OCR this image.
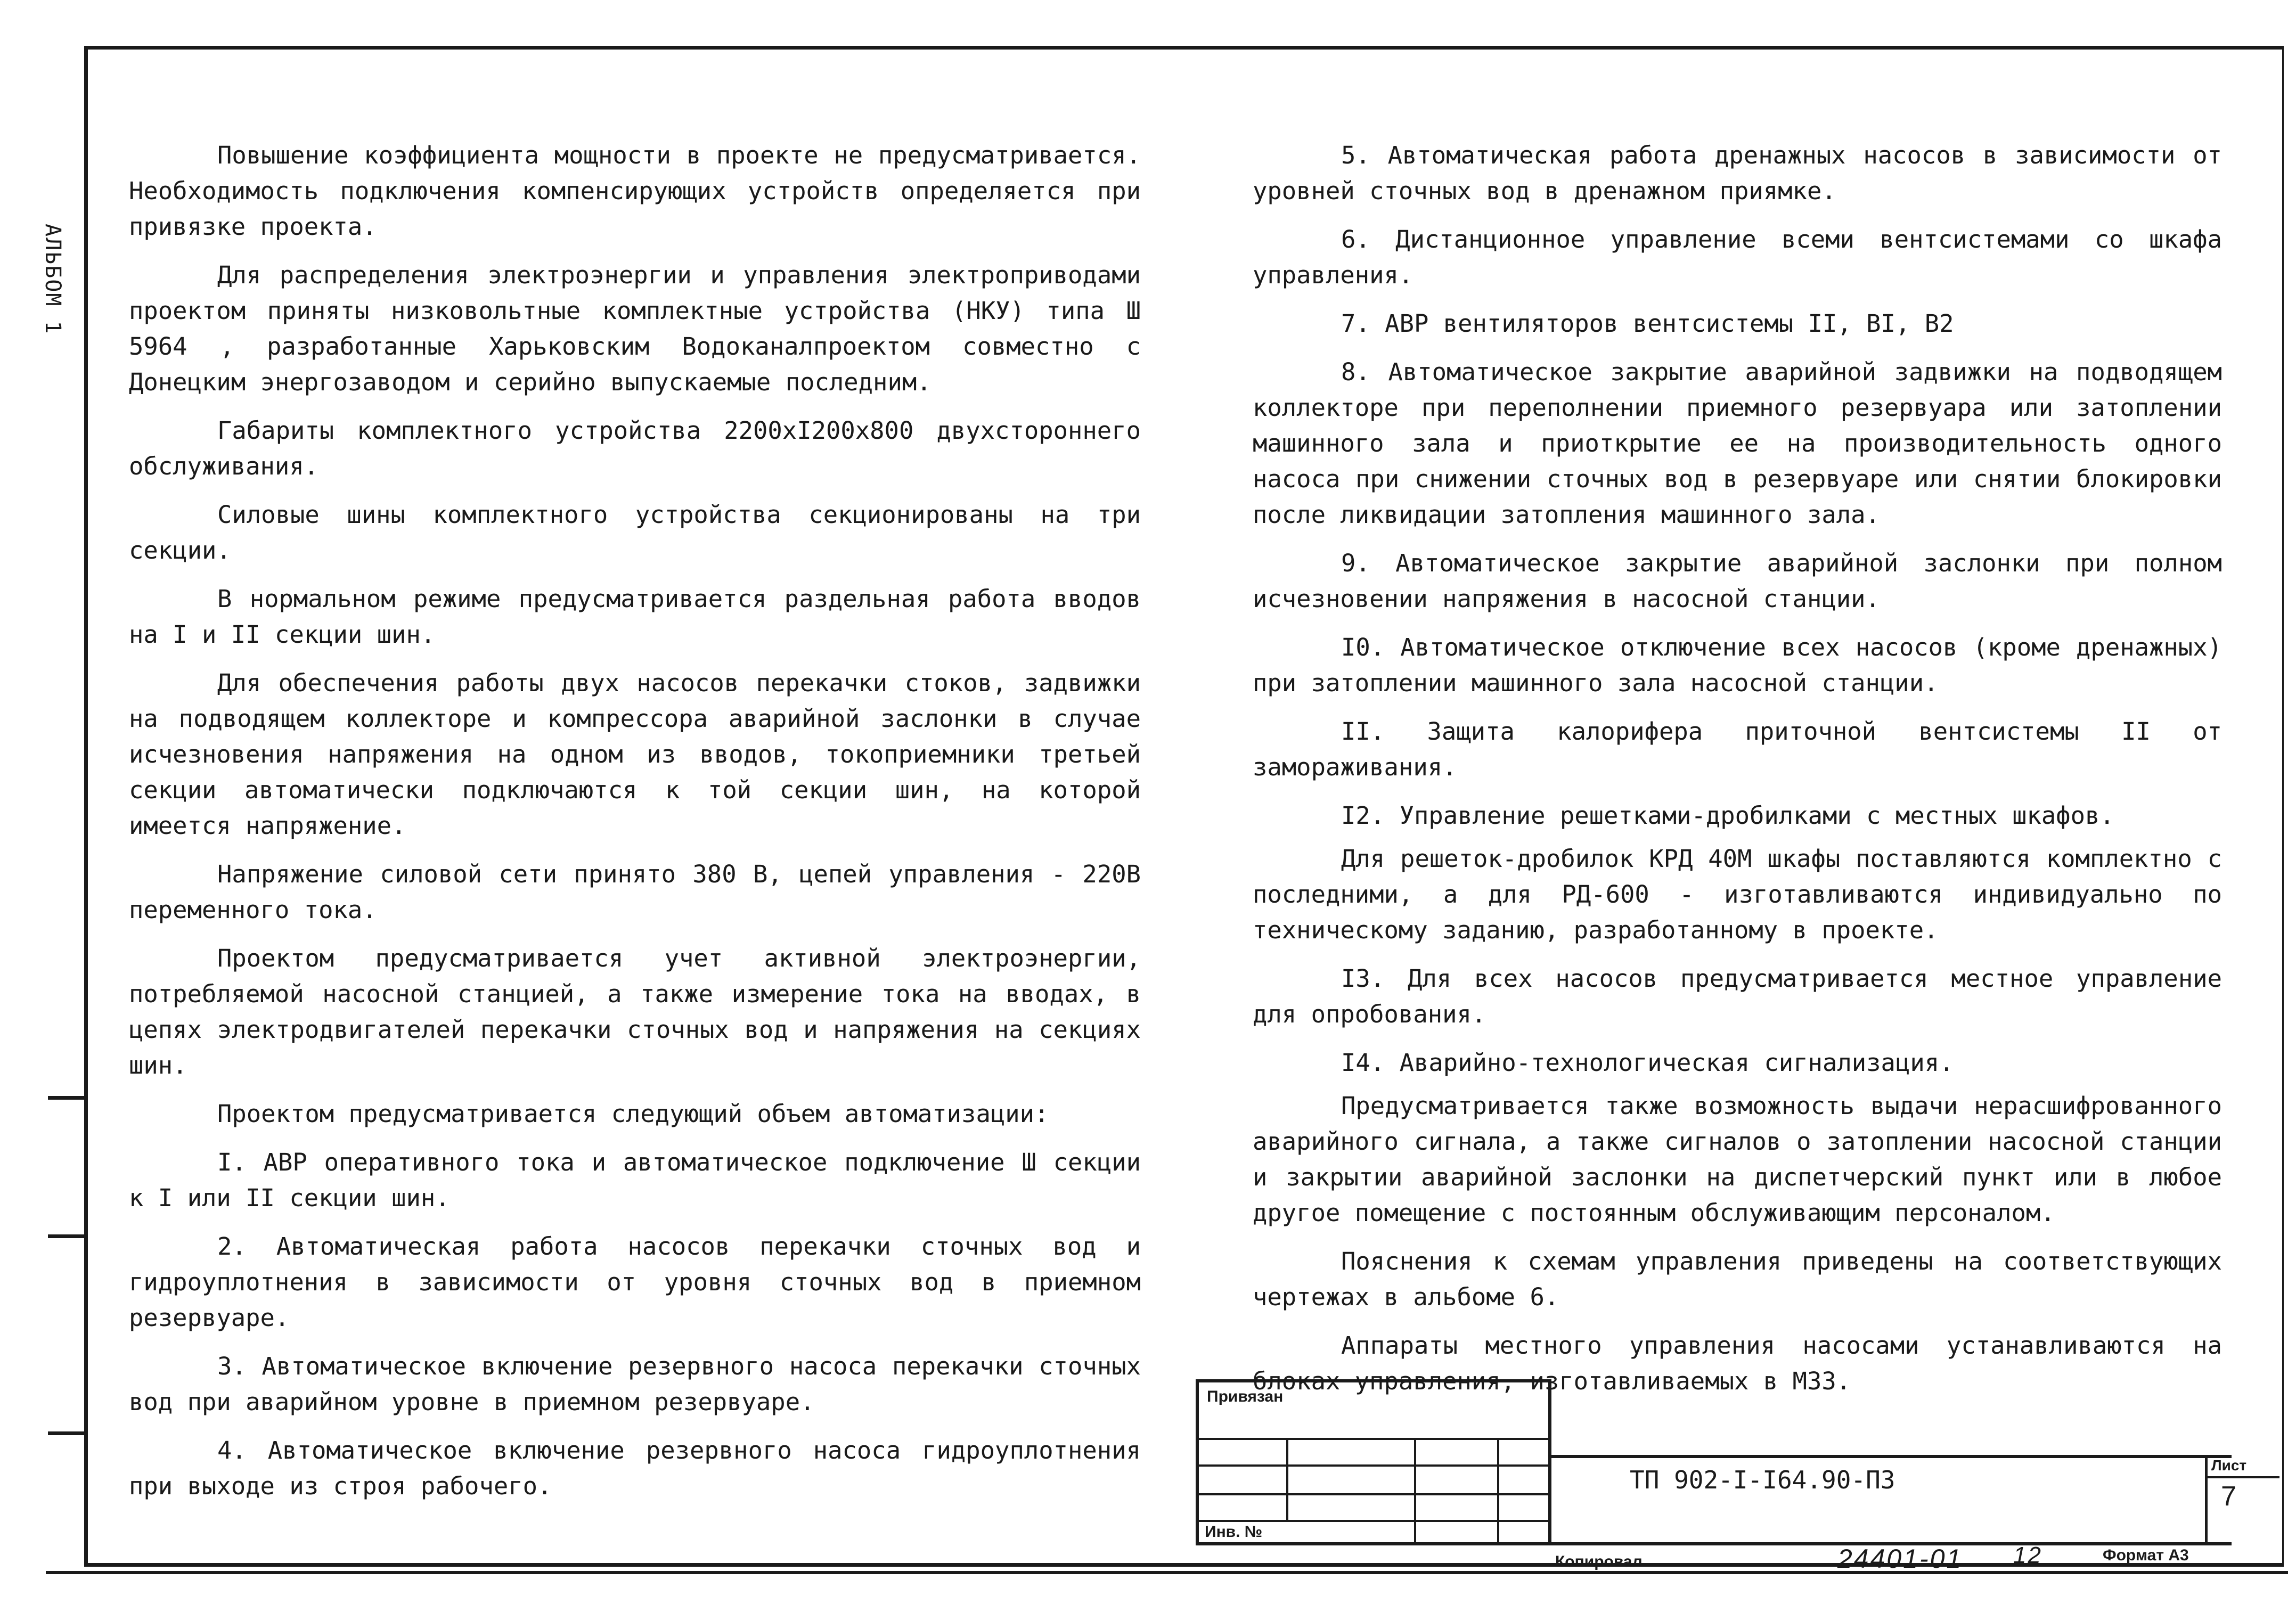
АЛЬБОМ 1

Повышение коэффициента мощности в проекте не предусматривается. Необходимость подключения компенсирующих устройств определяется при привязке проекта.

Для распределения электроэнергии и управления электроприводами проектом приняты низковольтные комплектные устройства (НКУ) типа Ш 5964 , разработанные Харьковским Водоканалпроектом совместно с Донецким энергозаводом и серийно выпускаемые последним.

Габариты комплектного устройства 2200хI200х800 двухстороннего обслуживания.

Силовые шины комплектного устройства секционированы на три секции.

В нормальном режиме предусматривается раздельная работа вводов на I и II секции шин.

Для обеспечения работы двух насосов перекачки стоков, задвижки на подводящем коллекторе и компрессора аварийной заслонки в случае исчезновения напряжения на одном из вводов, токоприемники третьей секции автоматически подключаются к той секции шин, на которой имеется напряжение.

Напряжение силовой сети принято 380 В, цепей управления - 220В переменного тока.

Проектом предусматривается учет активной электроэнергии, потребляемой насосной станцией, а также измерение тока на вводах, в цепях электродвигателей перекачки сточных вод и напряжения на секциях шин.

Проектом предусматривается следующий объем автоматизации:

I. АВР оперативного тока и автоматическое подключение Ш секции к I или II секции шин.

2. Автоматическая работа насосов перекачки сточных вод и гидроуплотнения в зависимости от уровня сточных вод в приемном резервуаре.

3. Автоматическое включение резервного насоса перекачки сточных вод при аварийном уровне в приемном резервуаре.

4. Автоматическое включение резервного насоса гидроуплотнения при выходе из строя рабочего.

5. Автоматическая работа дренажных насосов в зависимости от уровней сточных вод в дренажном приямке.

6. Дистанционное управление всеми вентсистемами со шкафа управления.

7. АВР вентиляторов вентсистемы II, BI, B2

8. Автоматическое закрытие аварийной задвижки на подводящем коллекторе при переполнении приемного резервуара или затоплении машинного зала и приоткрытие ее на производительность одного насоса при снижении сточных вод в резервуаре или снятии блокировки после ликвидации затопления машинного зала.

9. Автоматическое закрытие аварийной заслонки при полном исчезновении напряжения в насосной станции.

I0. Автоматическое отключение всех насосов (кроме дренажных) при затоплении машинного зала насосной станции.

II. Защита калорифера приточной вентсистемы II от замораживания.

I2. Управление решетками-дробилками с местных шкафов.

Для решеток-дробилок КРД 40М шкафы поставляются комплектно с последними, а для РД-600 - изготавливаются индивидуально по техническому заданию, разработанному в проекте.

I3. Для всех насосов предусматривается местное управление для опробования.

I4. Аварийно-технологическая сигнализация.

Предусматривается также возможность выдачи нерасшифрованного аварийного сигнала, а также сигналов о затоплении насосной станции и закрытии аварийной заслонки на диспетчерский пункт или в любое другое помещение с постоянным обслуживающим персоналом.

Пояснения к схемам управления приведены на соответствующих чертежах в альбоме 6.

Аппараты местного управления насосами устанавливаются на блоках управления, изготавливаемых в МЗЗ.

Привязан
Инв. №
ТП 902-I-I64.90-ПЗ
Лист
7
Копировал	24401-01 12	Формат А3
